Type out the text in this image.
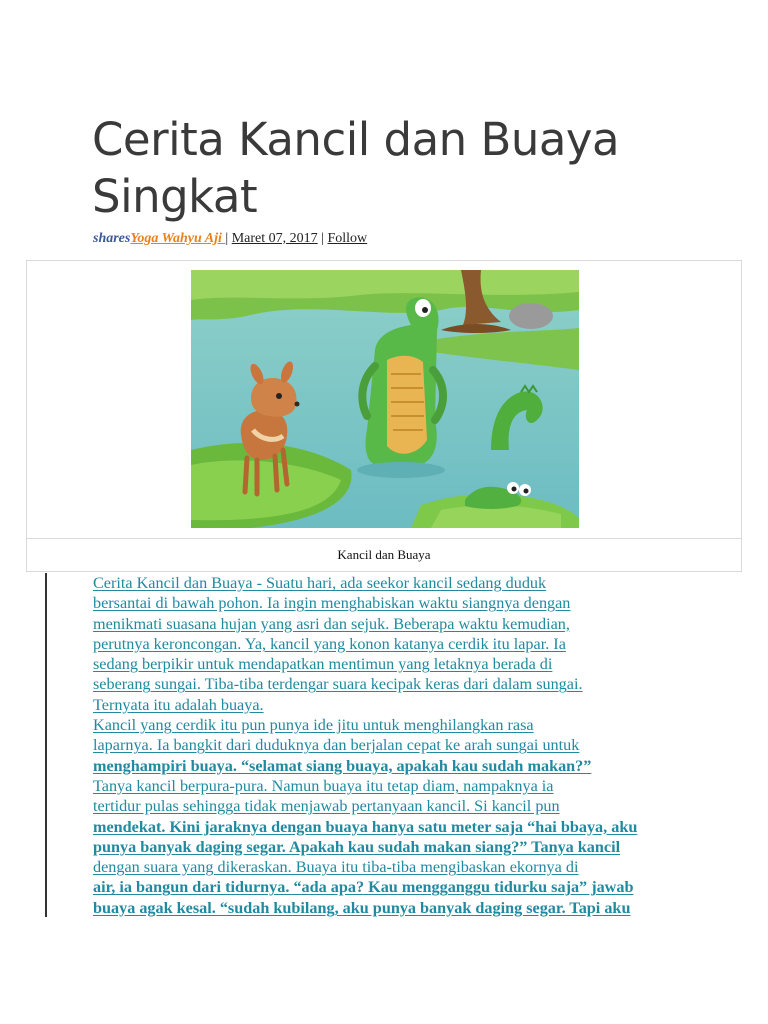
Cerita Kancil dan Buaya Singkat
sharesYoga Wahyu Aji | Maret 07, 2017 | Follow
Kancil dan Buaya

Cerita Kancil dan Buaya - Suatu hari, ada seekor kancil sedang duduk
bersantai di bawah pohon. Ia ingin menghabiskan waktu siangnya dengan
menikmati suasana hujan yang asri dan sejuk. Beberapa waktu kemudian,
perutnya keroncongan. Ya, kancil yang konon katanya cerdik itu lapar. Ia
sedang berpikir untuk mendapatkan mentimun yang letaknya berada di
seberang sungai. Tiba-tiba terdengar suara kecipak keras dari dalam sungai.
Ternyata itu adalah buaya.

Kancil yang cerdik itu pun punya ide jitu untuk menghilangkan rasa
laparnya. Ia bangkit dari duduknya dan berjalan cepat ke arah sungai untuk
menghampiri buaya. “selamat siang buaya, apakah kau sudah makan?”
Tanya kancil berpura-pura. Namun buaya itu tetap diam, nampaknya ia
tertidur pulas sehingga tidak menjawab pertanyaan kancil. Si kancil pun
mendekat. Kini jaraknya dengan buaya hanya satu meter saja “hai bbaya, aku
punya banyak daging segar. Apakah kau sudah makan siang?” Tanya kancil
dengan suara yang dikeraskan. Buaya itu tiba-tiba mengibaskan ekornya di
air, ia bangun dari tidurnya. “ada apa? Kau mengganggu tidurku saja” jawab
buaya agak kesal. “sudah kubilang, aku punya banyak daging segar. Tapi aku
